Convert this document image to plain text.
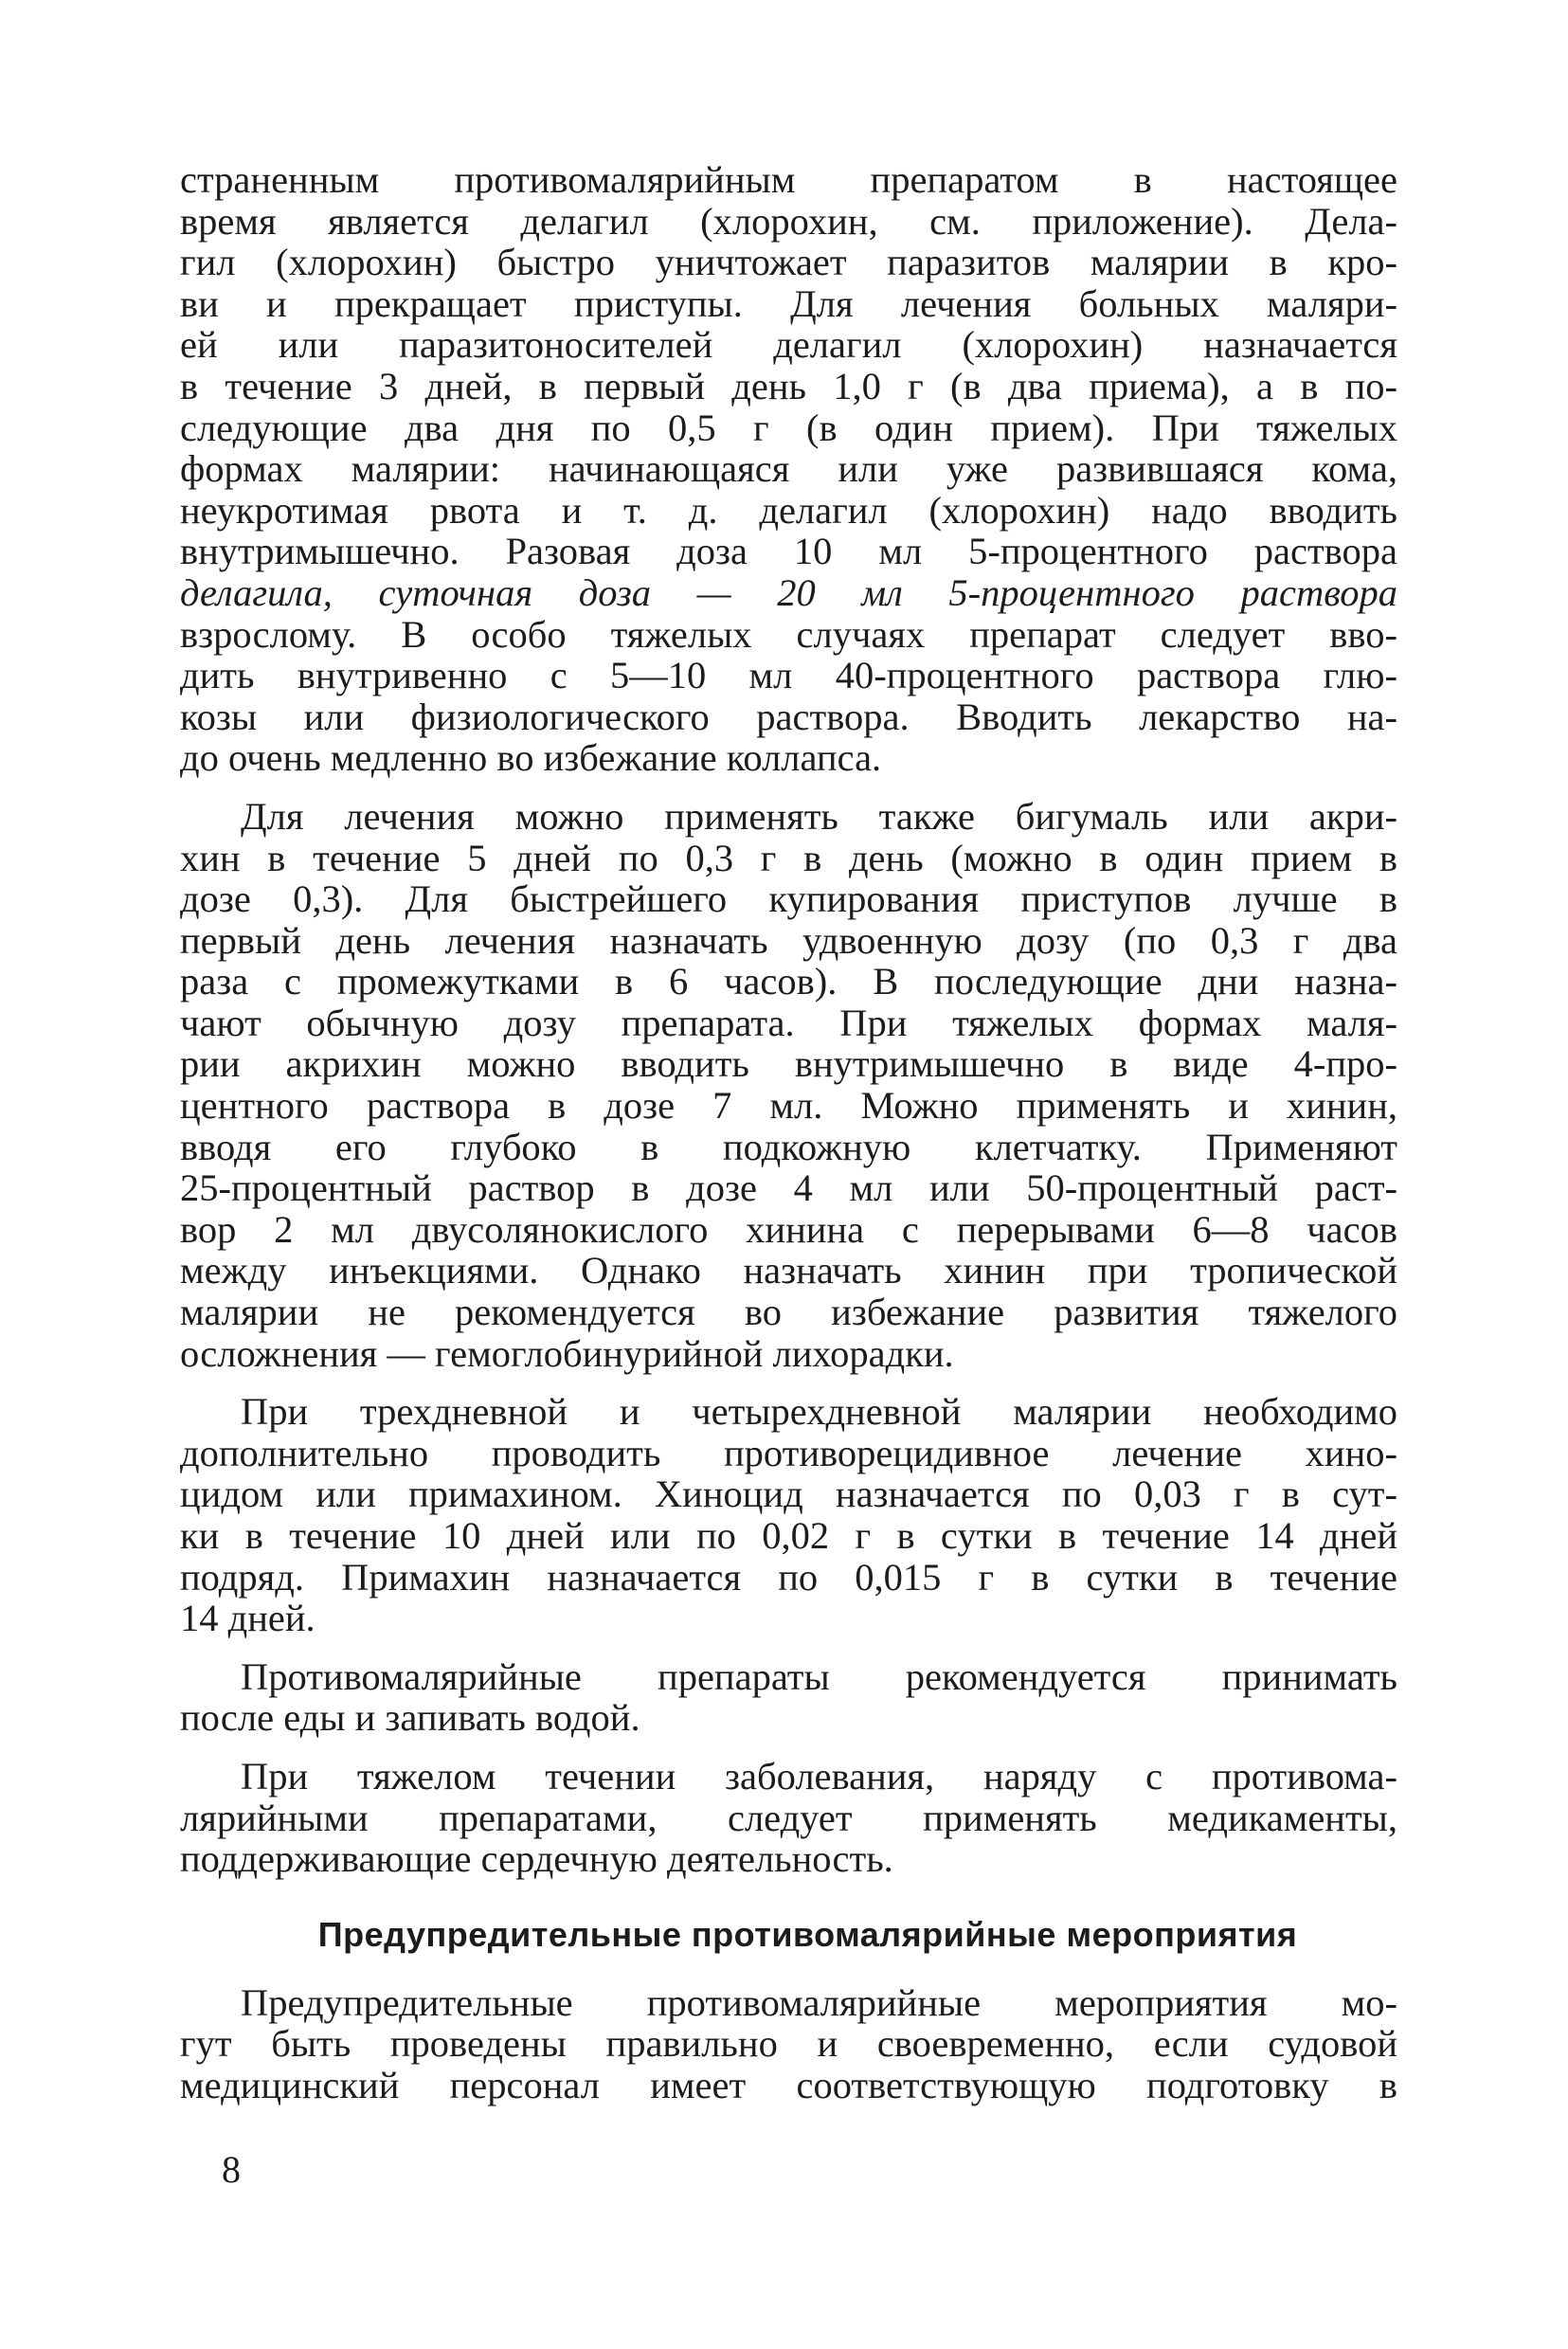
страненным противомалярийным препаратом в настоящее
время является делагил (хлорохин, см. приложение). Дела-
гил (хлорохин) быстро уничтожает паразитов малярии в кро-
ви и прекращает приступы. Для лечения больных маляри-
ей или паразитоносителей делагил (хлорохин) назначается
в течение 3 дней, в первый день 1,0 г (в два приема), а в по-
следующие два дня по 0,5 г (в один прием). При тяжелых
формах малярии: начинающаяся или уже развившаяся кома,
неукротимая рвота и т. д. делагил (хлорохин) надо вводить
внутримышечно. Разовая доза 10 мл 5-процентного раствора
делагила, суточная доза — 20 мл 5-процентного раствора
взрослому. В особо тяжелых случаях препарат следует вво-
дить внутривенно с 5—10 мл 40-процентного раствора глю-
козы или физиологического раствора. Вводить лекарство на-
до очень медленно во избежание коллапса.

Для лечения можно применять также бигумаль или акри-
хин в течение 5 дней по 0,3 г в день (можно в один прием в
дозе 0,3). Для быстрейшего купирования приступов лучше в
первый день лечения назначать удвоенную дозу (по 0,3 г два
раза с промежутками в 6 часов). В последующие дни назна-
чают обычную дозу препарата. При тяжелых формах маля-
рии акрихин можно вводить внутримышечно в виде 4-про-
центного раствора в дозе 7 мл. Можно применять и хинин,
вводя его глубоко в подкожную клетчатку. Применяют
25-процентный раствор в дозе 4 мл или 50-процентный раст-
вор 2 мл двусолянокислого хинина с перерывами 6—8 часов
между инъекциями. Однако назначать хинин при тропической
малярии не рекомендуется во избежание развития тяжелого
осложнения — гемоглобинурийной лихорадки.

При трехдневной и четырехдневной малярии необходимо
дополнительно проводить противорецидивное лечение хино-
цидом или примахином. Хиноцид назначается по 0,03 г в сут-
ки в течение 10 дней или по 0,02 г в сутки в течение 14 дней
подряд. Примахин назначается по 0,015 г в сутки в течение
14 дней.

Противомалярийные препараты рекомендуется принимать
после еды и запивать водой.

При тяжелом течении заболевания, наряду с противома-
лярийными препаратами, следует применять медикаменты,
поддерживающие сердечную деятельность.

Предупредительные противомалярийные мероприятия

Предупредительные противомалярийные мероприятия мо-
гут быть проведены правильно и своевременно, если судовой
медицинский персонал имеет соответствующую подготовку в

8
